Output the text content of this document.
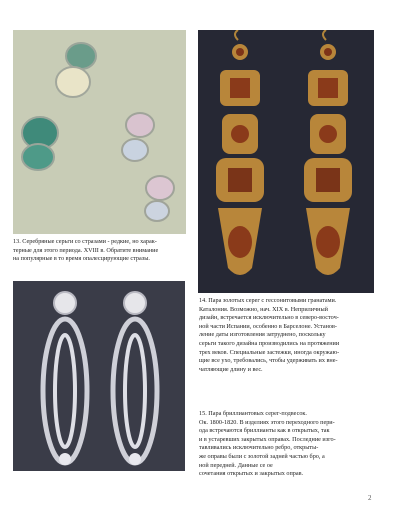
13. Серебряные серьги со стразами - редкие, но харак-
терные для этого периода. XVIII в. Обратите внимание
на популярные в то время опалесцирующие стразы.
14. Пара золотых серег с гессонитовыми гранатами.
Каталония. Возможно, нач. XIX в. Неприличный
дизайн, встречается исключительно в северо-восточ-
ной части Испании, особенно в Барселоне. Установ-
ление даты изготовления затруднено, поскольку
серьги такого дизайна производились на протяжении
трех веков. Специальные застежки, иногда окружаю-
щие все ухо, требовались, чтобы удерживать их вне-
чатляющие длину и вес.
15. Пара бриллиантовых серег-подвесок.
Ок. 1800-1820. В изделиях этого переходного пери-
ода встречаются бриллианты как в открытых, так
и в устаревших закрытых оправах. Последние изго-
тавливались исключительно ребро, открыты-
же оправы были с золотой задней частью бро, а
ной передней. Данные се ое
сочетания открытых и закрытых оправ.
2
